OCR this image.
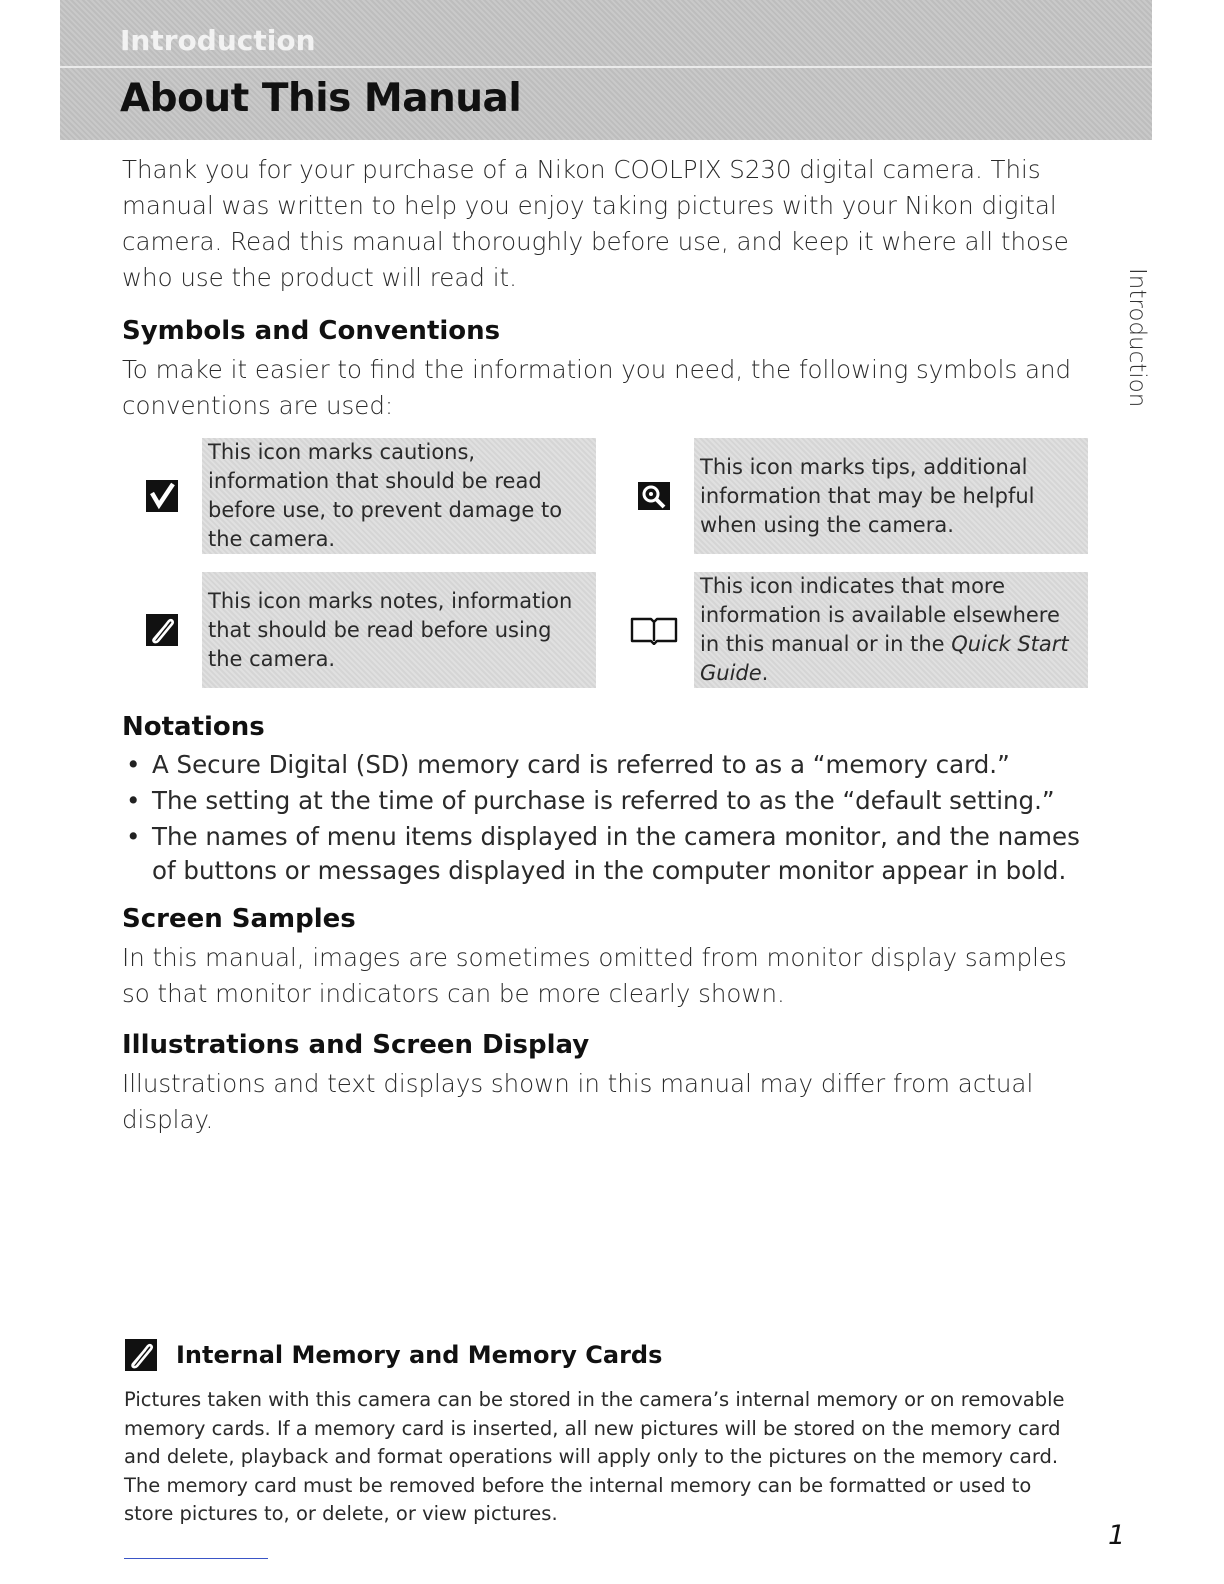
Introduction
About This Manual
Introduction

Thank you for your purchase of a Nikon COOLPIX S230 digital camera. This manual was written to help you enjoy taking pictures with your Nikon digital camera. Read this manual thoroughly before use, and keep it where all those who use the product will read it.

Symbols and Conventions

To make it easier to find the information you need, the following symbols and conventions are used:

This icon marks cautions, information that should be read before use, to prevent damage to the camera.
This icon marks tips, additional information that may be helpful when using the camera.
This icon marks notes, information that should be read before using the camera.
This icon indicates that more information is available elsewhere in this manual or in the Quick Start Guide.
Notations
• A Secure Digital (SD) memory card is referred to as a “memory card.”
• The setting at the time of purchase is referred to as the “default setting.”
• The names of menu items displayed in the camera monitor, and the names of buttons or messages displayed in the computer monitor appear in bold.
Screen Samples

In this manual, images are sometimes omitted from monitor display samples so that monitor indicators can be more clearly shown.

Illustrations and Screen Display

Illustrations and text displays shown in this manual may differ from actual display.

Internal Memory and Memory Cards

Pictures taken with this camera can be stored in the camera’s internal memory or on removable memory cards. If a memory card is inserted, all new pictures will be stored on the memory card and delete, playback and format operations will apply only to the pictures on the memory card. The memory card must be removed before the internal memory can be formatted or used to store pictures to, or delete, or view pictures.

1
